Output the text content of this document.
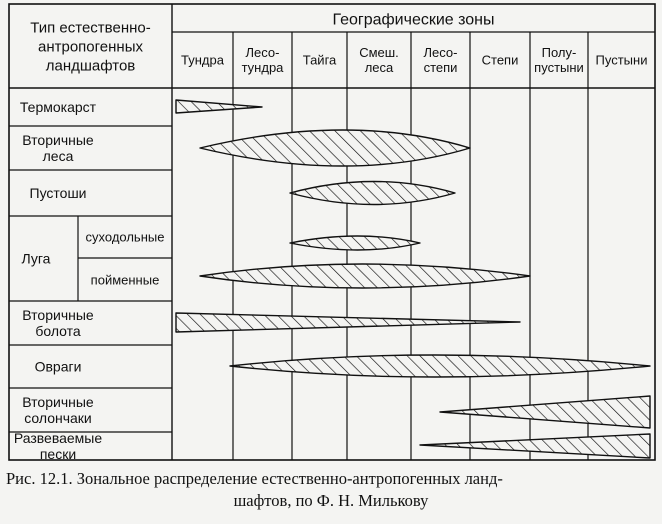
Тип естественно-антропогенных ландшафтов
Географические зоны
Тундра	Лесо-тундра Тайга Смеш. леса
Лесо-степи Степи	Полу-пустыни Пустыни
Термокарст
Вторичные леса
Пустоши
Луга
суходольные
пойменные
Вторичные болота
Овраги
Вторичные солончаки
Развеваемые пески
Рис. 12.1. Зональное распределение естественно-антропогенных ланд-
шафтов, по Ф. Н. Милькову
